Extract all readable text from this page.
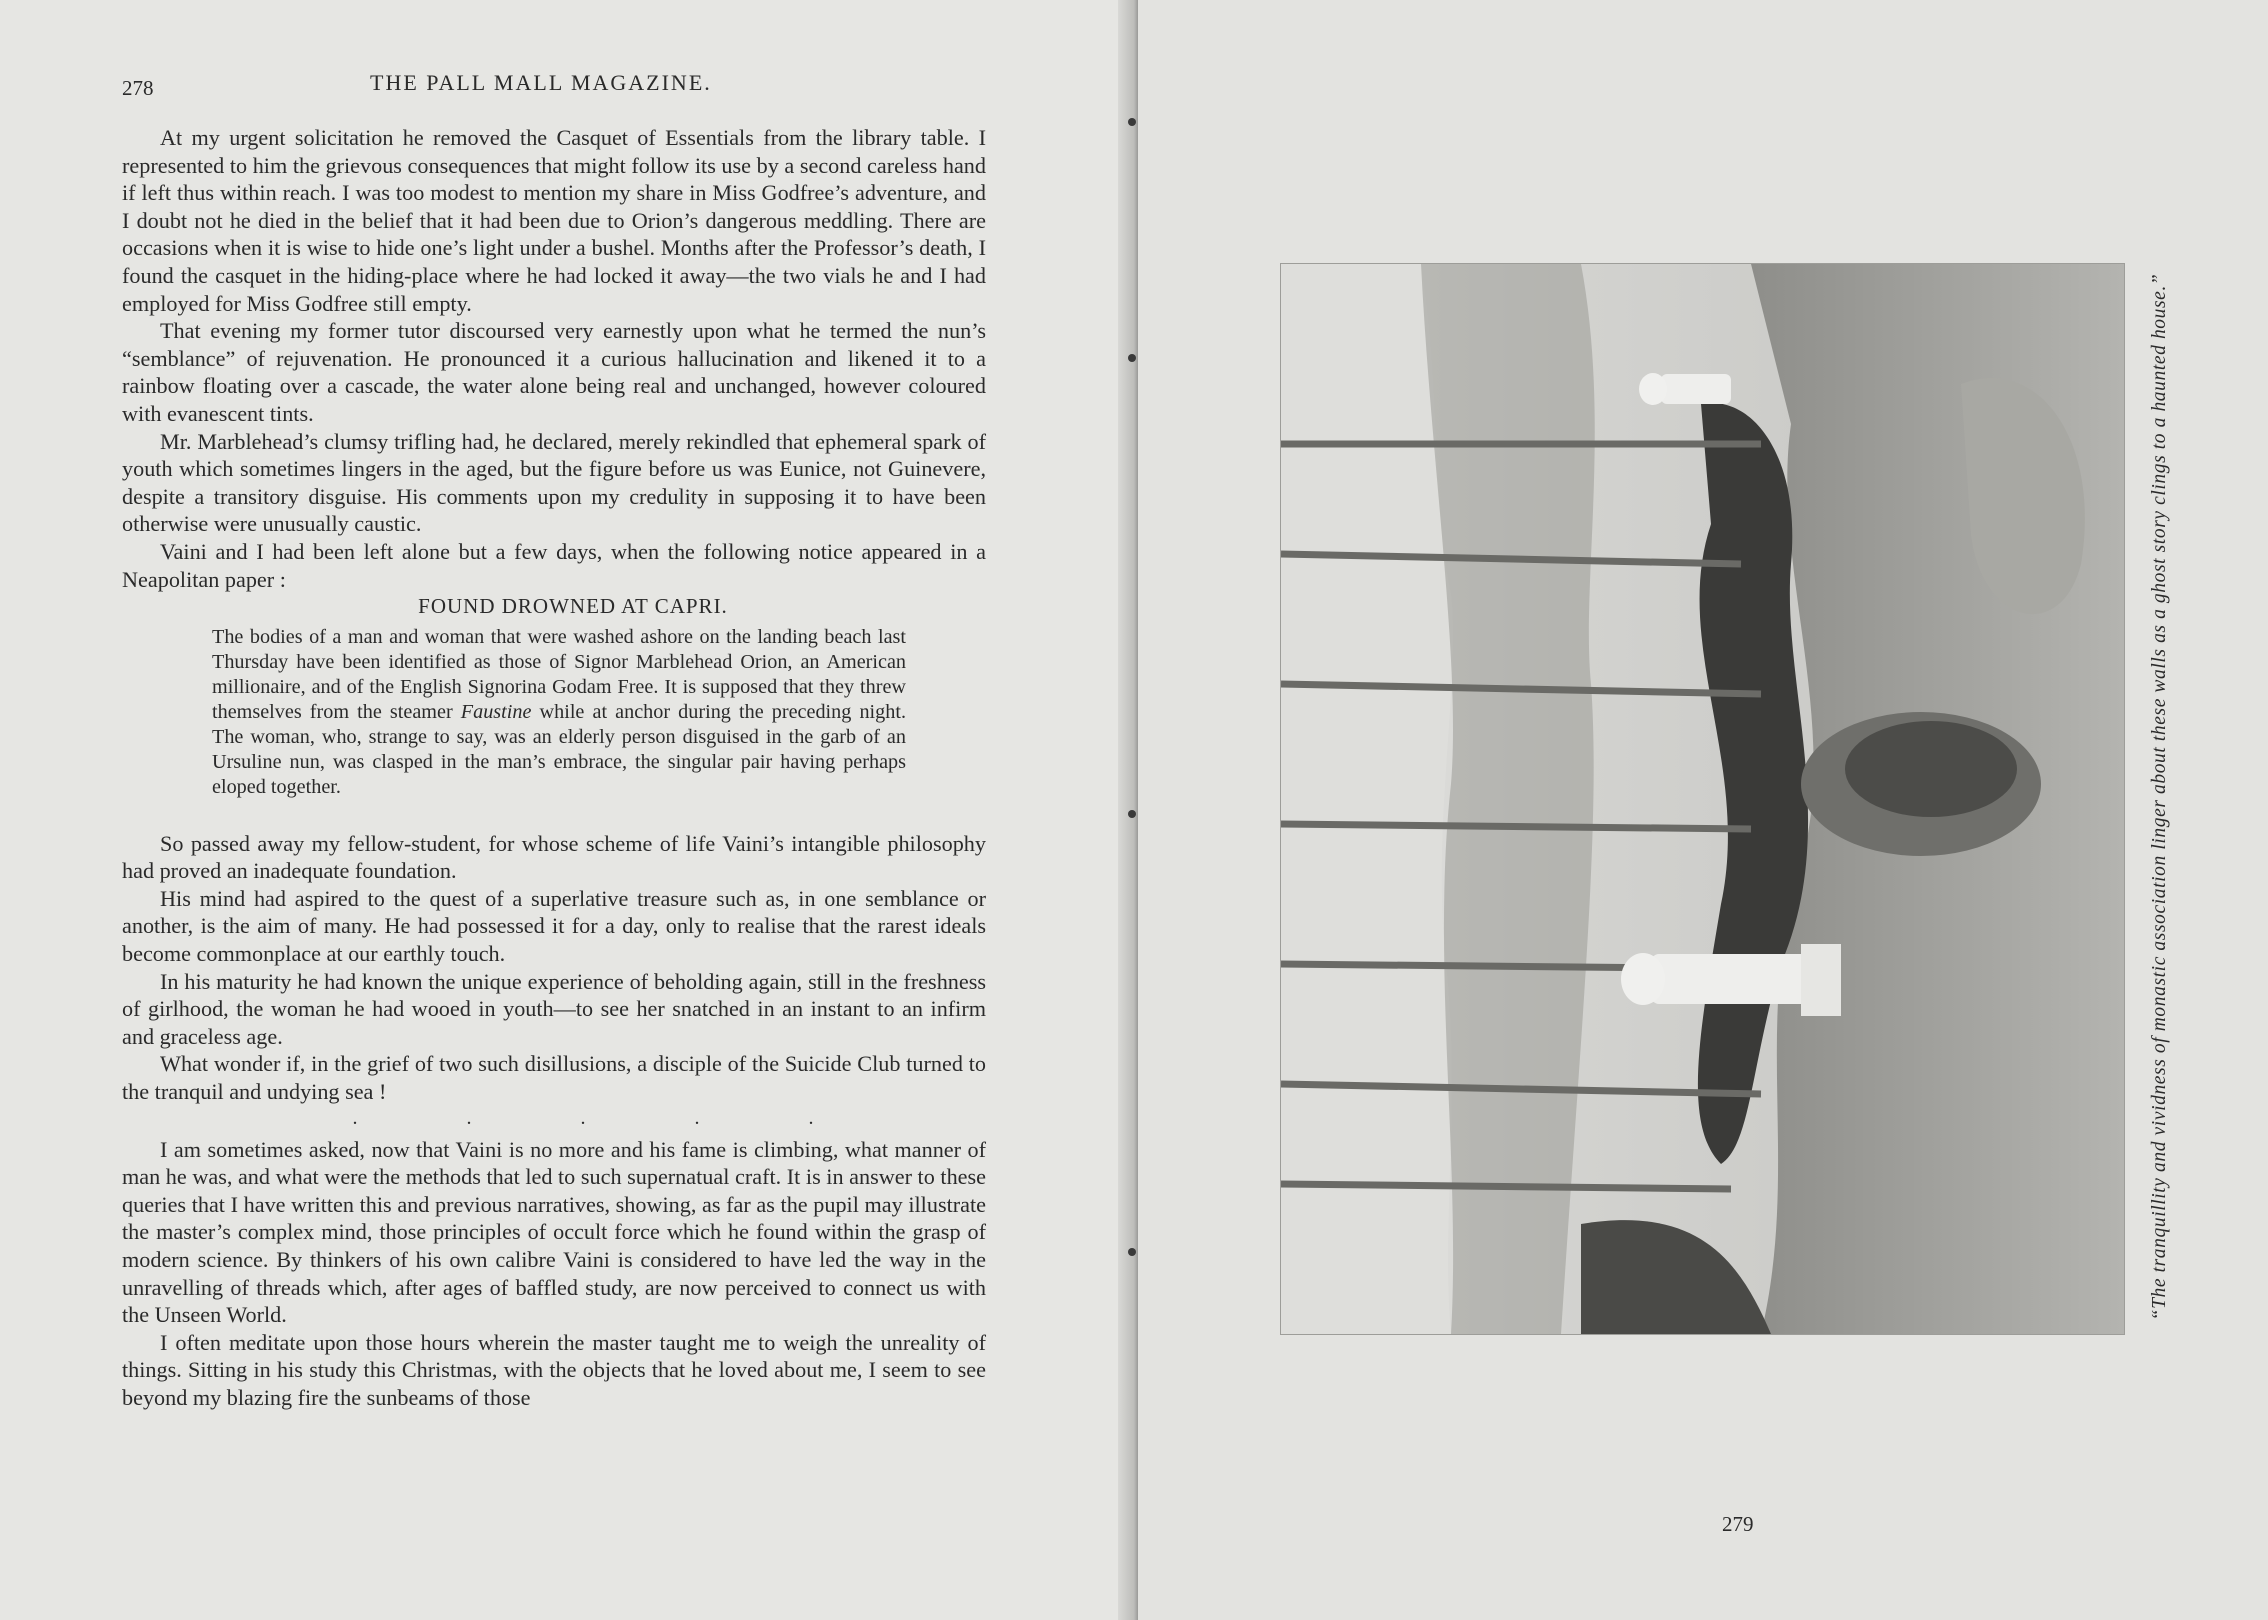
278	THE PALL MALL MAGAZINE.

At my urgent solicitation he removed the Casquet of Essentials from the library table. I represented to him the grievous consequences that might follow its use by a second careless hand if left thus within reach. I was too modest to mention my share in Miss Godfree’s adventure, and I doubt not he died in the belief that it had been due to Orion’s dangerous meddling. There are occasions when it is wise to hide one’s light under a bushel. Months after the Professor’s death, I found the casquet in the hiding-place where he had locked it away—the two vials he and I had employed for Miss Godfree still empty.

That evening my former tutor discoursed very earnestly upon what he termed the nun’s “semblance” of rejuvenation. He pronounced it a curious hallucination and likened it to a rainbow floating over a cascade, the water alone being real and unchanged, however coloured with evanescent tints.

Mr. Marblehead’s clumsy trifling had, he declared, merely rekindled that ephemeral spark of youth which sometimes lingers in the aged, but the figure before us was Eunice, not Guinevere, despite a transitory disguise. His comments upon my credulity in supposing it to have been otherwise were unusually caustic.

Vaini and I had been left alone but a few days, when the following notice appeared in a Neapolitan paper :

FOUND DROWNED AT CAPRI.

The bodies of a man and woman that were washed ashore on the landing beach last Thursday have been identified as those of Signor Marblehead Orion, an American millionaire, and of the English Signorina Godam Free. It is supposed that they threw themselves from the steamer Faustine while at anchor during the preceding night. The woman, who, strange to say, was an elderly person disguised in the garb of an Ursuline nun, was clasped in the man’s embrace, the singular pair having perhaps eloped together.

So passed away my fellow-student, for whose scheme of life Vaini’s intangible philosophy had proved an inadequate foundation.

His mind had aspired to the quest of a superlative treasure such as, in one semblance or another, is the aim of many. He had possessed it for a day, only to realise that the rarest ideals become commonplace at our earthly touch.

In his maturity he had known the unique experience of beholding again, still in the freshness of girlhood, the woman he had wooed in youth—to see her snatched in an instant to an infirm and graceless age.

What wonder if, in the grief of two such disillusions, a disciple of the Suicide Club turned to the tranquil and undying sea !

. . . . .

I am sometimes asked, now that Vaini is no more and his fame is climbing, what manner of man he was, and what were the methods that led to such supernatual craft. It is in answer to these queries that I have written this and previous narratives, showing, as far as the pupil may illustrate the master’s complex mind, those principles of occult force which he found within the grasp of modern science. By thinkers of his own calibre Vaini is considered to have led the way in the unravelling of threads which, after ages of baffled study, are now perceived to connect us with the Unseen World.

I often meditate upon those hours wherein the master taught me to weigh the unreality of things. Sitting in his study this Christmas, with the objects that he loved about me, I seem to see beyond my blazing fire the sunbeams of those

“The tranquillity and vividness of monastic association linger about these walls as a ghost story clings to a haunted house.”
279
